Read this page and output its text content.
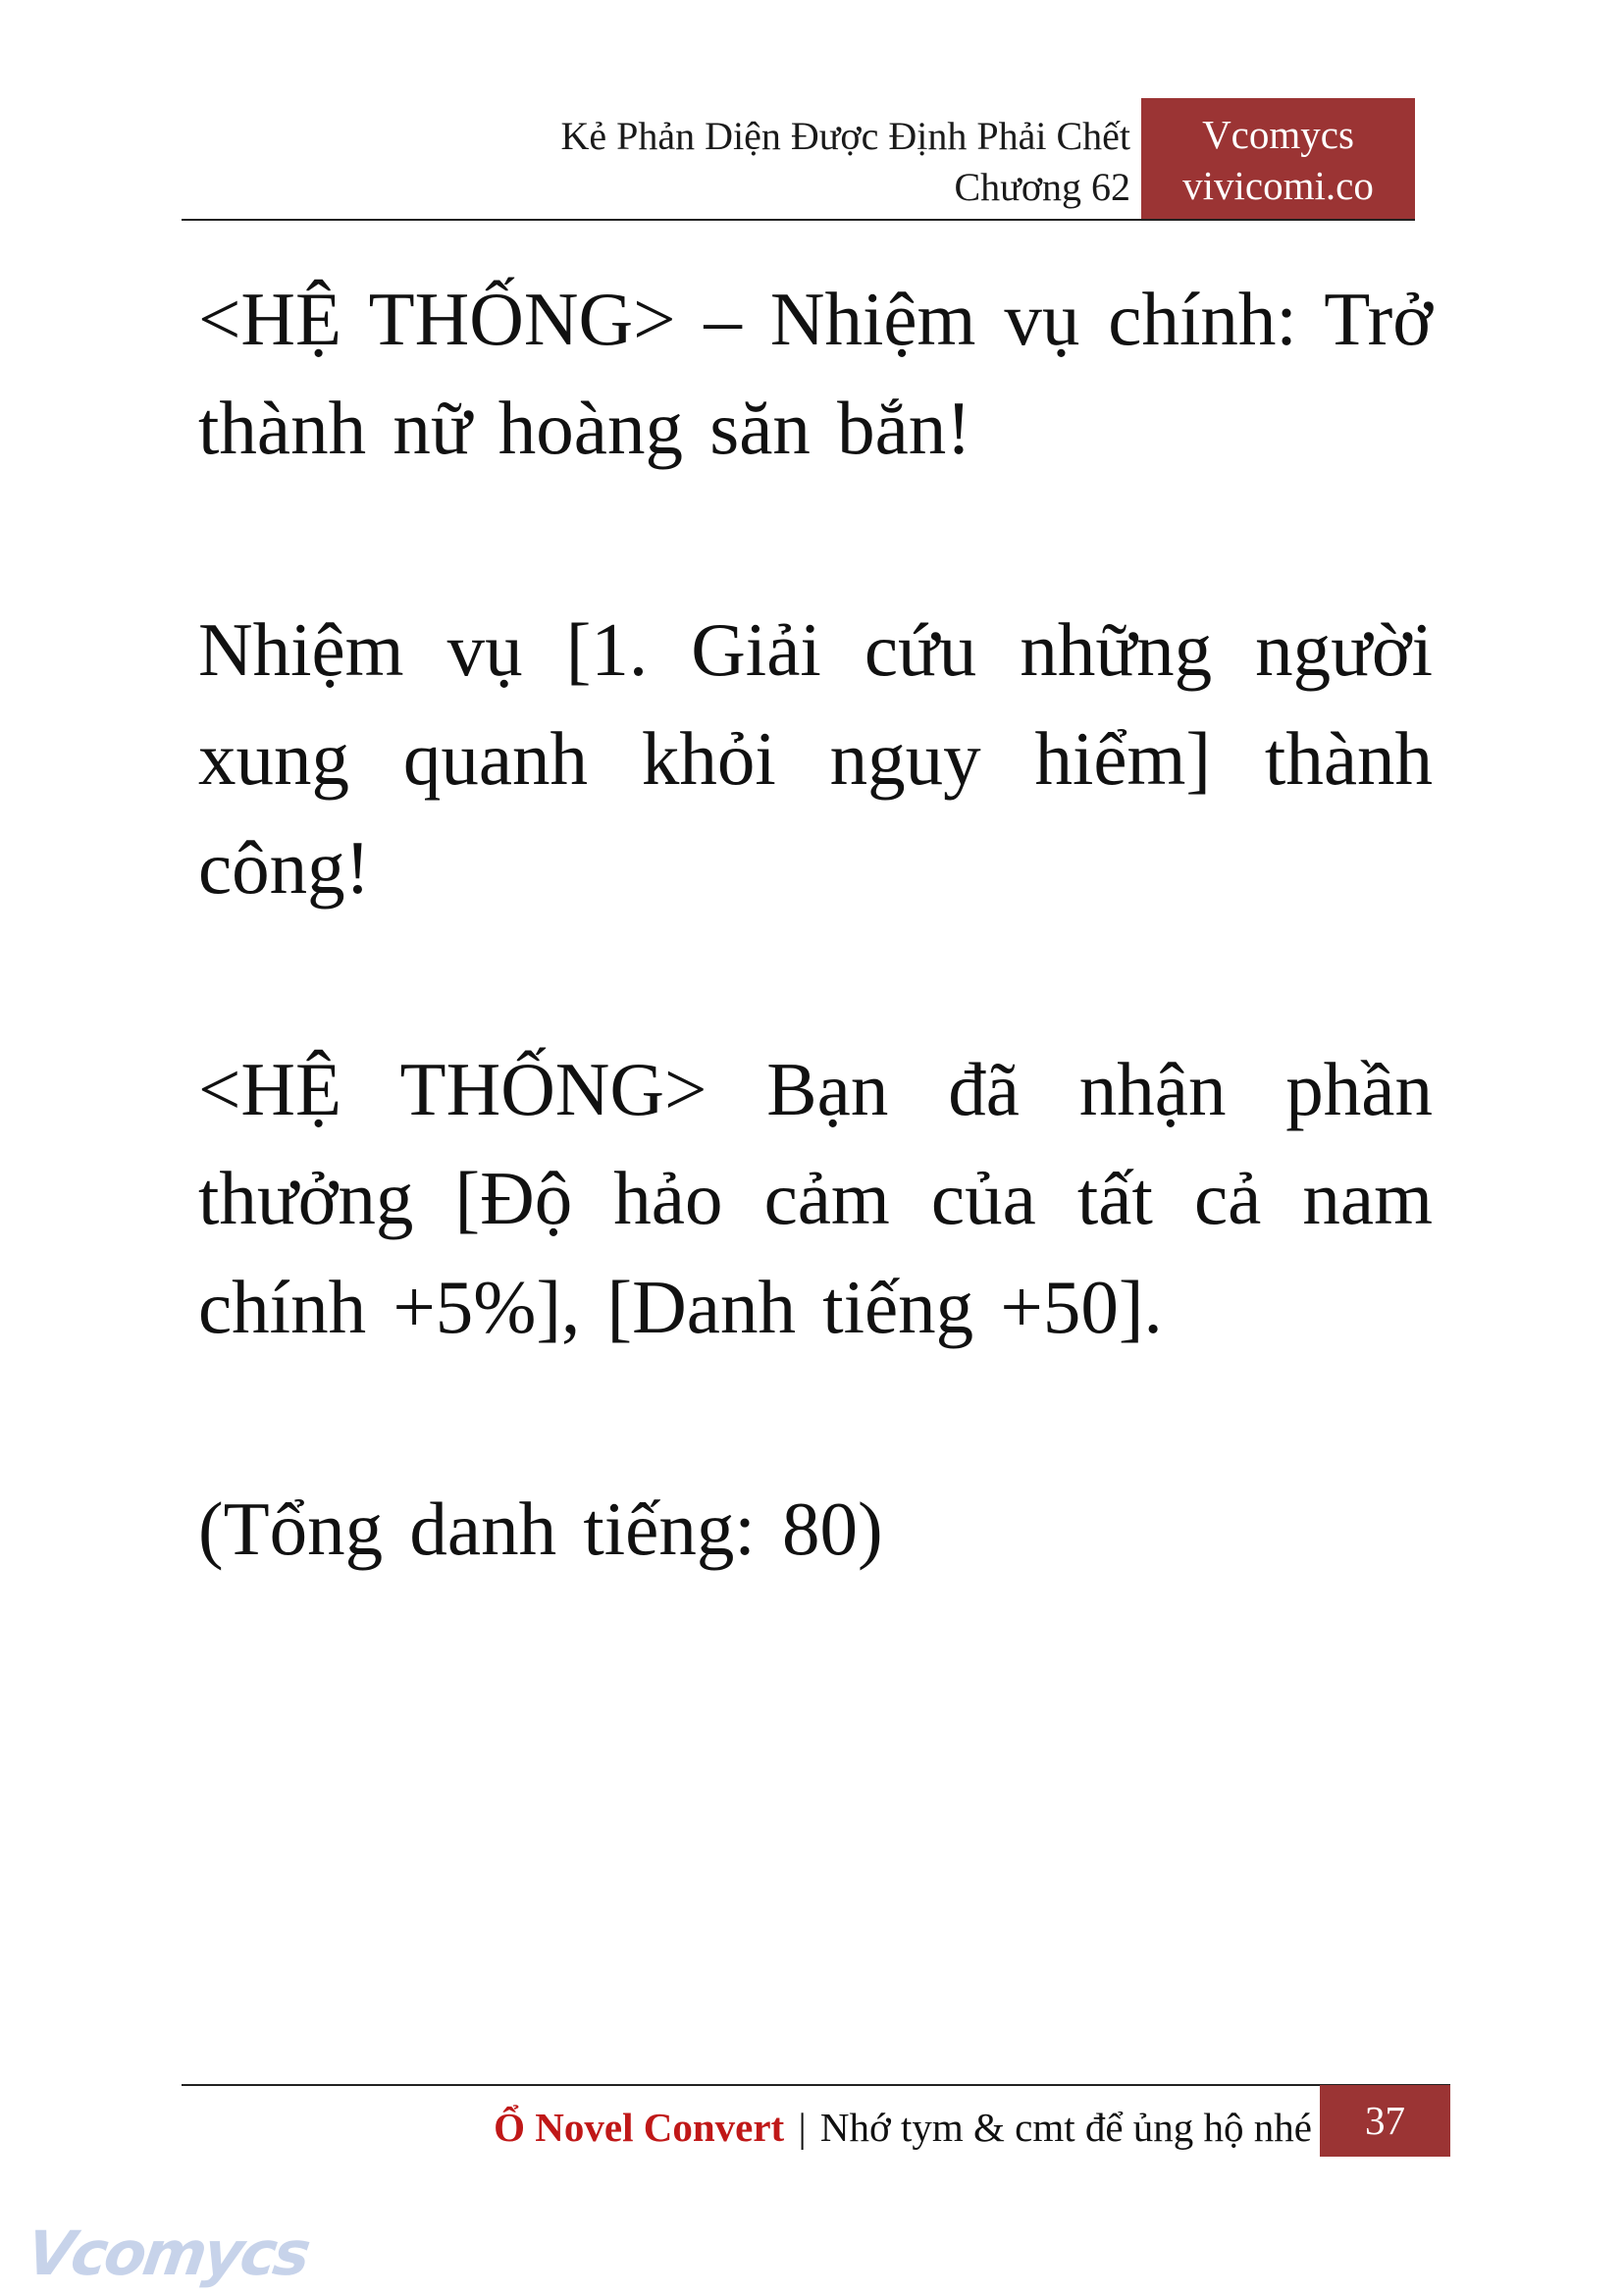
Kẻ Phản Diện Được Định Phải Chết
Chương 62
Vcomycs
vivicomi.co

<HỆ THỐNG> – Nhiệm vụ chính: Trở thành nữ hoàng săn bắn!

Nhiệm vụ [1. Giải cứu những người xung quanh khỏi nguy hiểm] thành công!

<HỆ THỐNG> Bạn đã nhận phần thưởng [Độ hảo cảm của tất cả nam chính +5%], [Danh tiếng +50].

(Tổng danh tiếng: 80)

Ổ Novel Convert | Nhớ tym & cmt để ủng hộ nhé	37
Vcomycs
